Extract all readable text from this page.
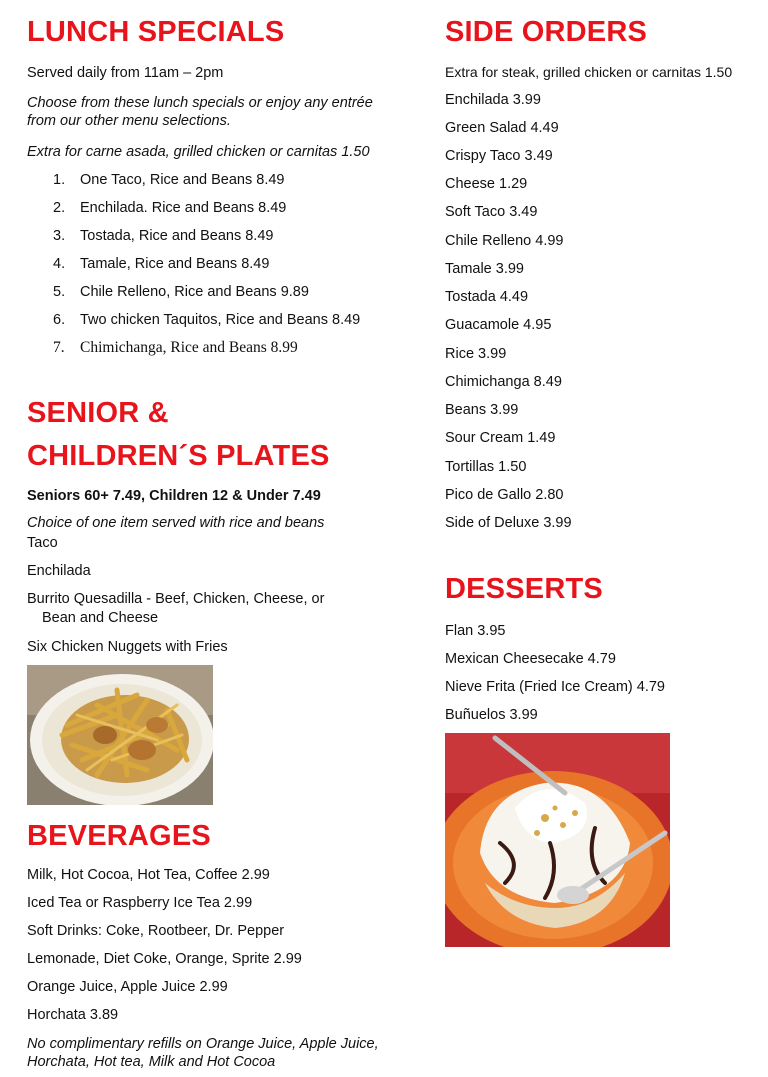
LUNCH SPECIALS

Served daily from 11am – 2pm

Choose from these lunch specials or enjoy any entrée from our other menu selections.

Extra for carne asada, grilled chicken or carnitas 1.50

1. One Taco, Rice and Beans 8.49
2. Enchilada. Rice and Beans 8.49
3. Tostada, Rice and Beans 8.49
4. Tamale, Rice and Beans 8.49
5. Chile Relleno, Rice and Beans 9.89
6. Two chicken Taquitos, Rice and Beans 8.49
7. Chimichanga, Rice and Beans 8.99
SENIOR &
CHILDREN´S PLATES

Seniors 60+ 7.49, Children 12 & Under 7.49

Choice of one item served with rice and beans

Taco

Enchilada

Burrito Quesadilla - Beef, Chicken, Cheese, or Bean and Cheese

Six Chicken Nuggets with Fries

BEVERAGES

Milk, Hot Cocoa, Hot Tea, Coffee 2.99

Iced Tea or Raspberry Ice Tea 2.99

Soft Drinks: Coke, Rootbeer, Dr. Pepper

Lemonade, Diet Coke, Orange, Sprite 2.99

Orange Juice, Apple Juice 2.99

Horchata 3.89

No complimentary refills on Orange Juice, Apple Juice, Horchata, Hot tea, Milk and Hot Cocoa

SIDE ORDERS

Extra for steak, grilled chicken or carnitas 1.50

Enchilada 3.99

Green Salad 4.49

Crispy Taco 3.49

Cheese 1.29

Soft Taco 3.49

Chile Relleno 4.99

Tamale 3.99

Tostada 4.49

Guacamole 4.95

Rice 3.99

Chimichanga 8.49

Beans 3.99

Sour Cream 1.49

Tortillas 1.50

Pico de Gallo 2.80

Side of Deluxe 3.99

DESSERTS

Flan 3.95

Mexican Cheesecake 4.79

Nieve Frita (Fried Ice Cream) 4.79

Buñuelos 3.99
